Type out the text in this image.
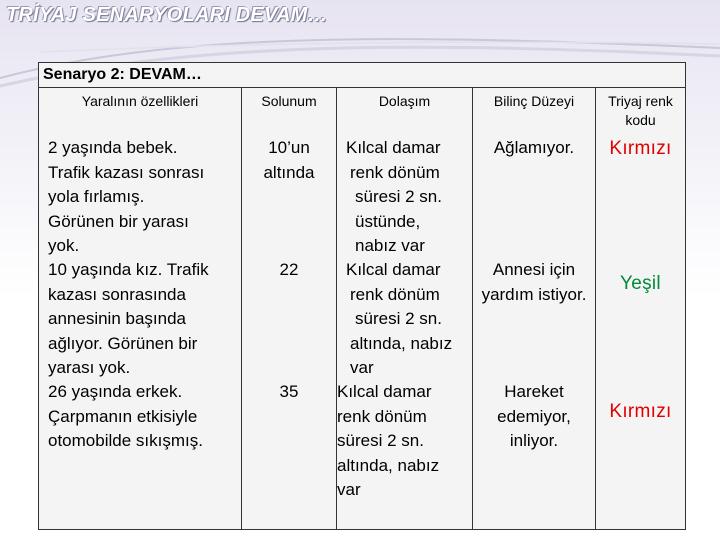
TRİYAJ SENARYOLARI DEVAM…
Senaryo 2: DEVAM…
Yaralının özellikleri
2 yaşında bebek.
Trafik kazası sonrası
yola fırlamış.
Görünen bir yarası
yok.
10 yaşında kız. Trafik
kazası sonrasında
annesinin başında
ağlıyor. Görünen bir
yarası yok.
26 yaşında erkek.
Çarpmanın etkisiyle
otomobilde sıkışmış.
Solunum
10’un
altında
22
35
Dolaşım
Kılcal damar
renk dönüm
süresi 2 sn.
üstünde,
nabız var
Kılcal damar
renk dönüm
süresi 2 sn.
altında, nabız
var
Kılcal damar
renk dönüm
süresi 2 sn.
altında, nabız
var
Bilinç Düzeyi
Ağlamıyor.
Annesi için
yardım istiyor.
Hareket
edemiyor,
inliyor.
Triyaj renk kodu
Kırmızı
Yeşil
Kırmızı
